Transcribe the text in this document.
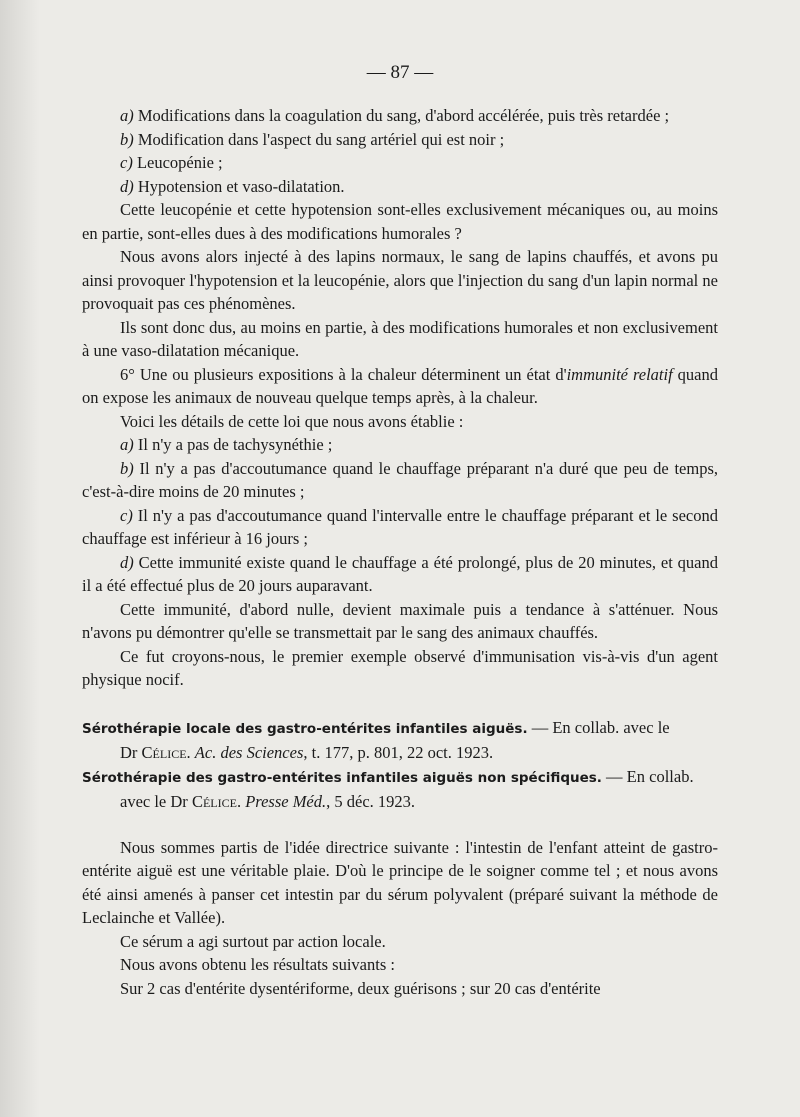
— 87 —

a) Modifications dans la coagulation du sang, d'abord accélérée, puis très retardée ;

b) Modification dans l'aspect du sang artériel qui est noir ;

c) Leucopénie ;

d) Hypotension et vaso-dilatation.

Cette leucopénie et cette hypotension sont-elles exclusivement mécaniques ou, au moins en partie, sont-elles dues à des modifications humorales ?

Nous avons alors injecté à des lapins normaux, le sang de lapins chauffés, et avons pu ainsi provoquer l'hypotension et la leucopénie, alors que l'injection du sang d'un lapin normal ne provoquait pas ces phénomènes.

Ils sont donc dus, au moins en partie, à des modifications humorales et non exclusivement à une vaso-dilatation mécanique.

6° Une ou plusieurs expositions à la chaleur déterminent un état d'immunité relatif quand on expose les animaux de nouveau quelque temps après, à la chaleur.

Voici les détails de cette loi que nous avons établie :

a) Il n'y a pas de tachysynéthie ;

b) Il n'y a pas d'accoutumance quand le chauffage préparant n'a duré que peu de temps, c'est-à-dire moins de 20 minutes ;

c) Il n'y a pas d'accoutumance quand l'intervalle entre le chauffage préparant et le second chauffage est inférieur à 16 jours ;

d) Cette immunité existe quand le chauffage a été prolongé, plus de 20 minutes, et quand il a été effectué plus de 20 jours auparavant.

Cette immunité, d'abord nulle, devient maximale puis a tendance à s'atténuer. Nous n'avons pu démontrer qu'elle se transmettait par le sang des animaux chauffés.

Ce fut croyons-nous, le premier exemple observé d'immunisation vis-à-vis d'un agent physique nocif.

Sérothérapie locale des gastro-entérites infantiles aiguës. — En collab. avec le

Dr Célice. Ac. des Sciences, t. 177, p. 801, 22 oct. 1923.

Sérothérapie des gastro-entérites infantiles aiguës non spécifiques. — En collab.

avec le Dr Célice. Presse Méd., 5 déc. 1923.

Nous sommes partis de l'idée directrice suivante : l'intestin de l'enfant atteint de gastro-entérite aiguë est une véritable plaie. D'où le principe de le soigner comme tel ; et nous avons été ainsi amenés à panser cet intestin par du sérum polyvalent (préparé suivant la méthode de Leclainche et Vallée).

Ce sérum a agi surtout par action locale.

Nous avons obtenu les résultats suivants :

Sur 2 cas d'entérite dysentériforme, deux guérisons ; sur 20 cas d'entérite
